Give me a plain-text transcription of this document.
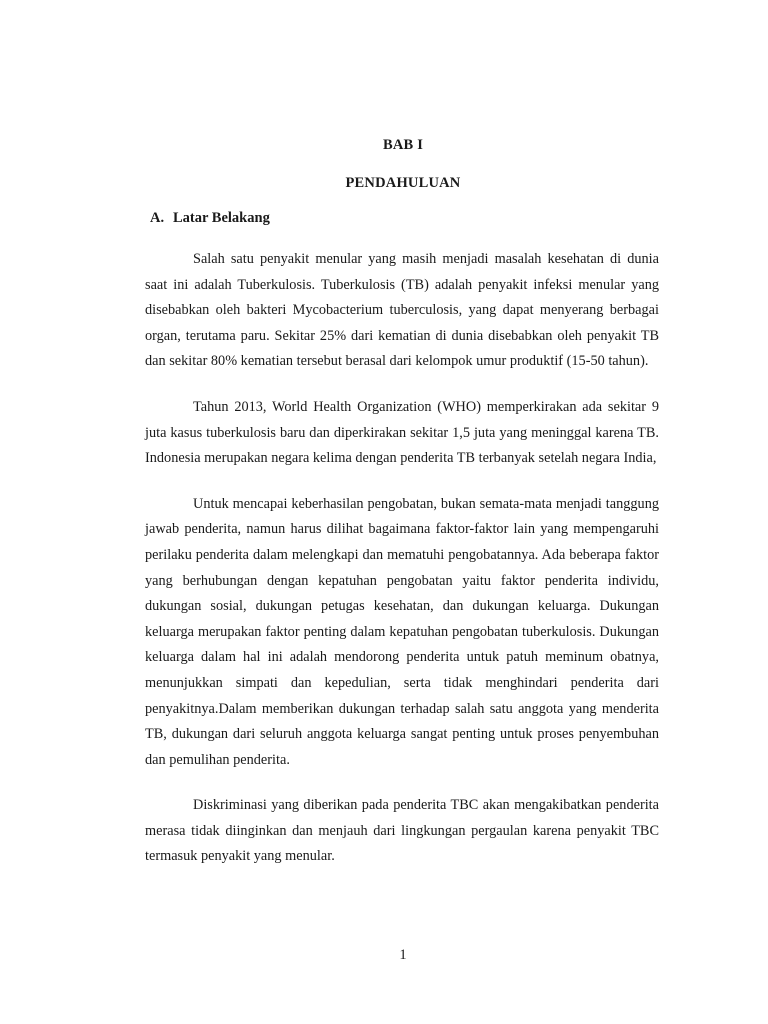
BAB I
PENDAHULUAN
A. Latar Belakang

Salah satu penyakit menular yang masih menjadi masalah kesehatan di dunia saat ini adalah Tuberkulosis. Tuberkulosis (TB) adalah penyakit infeksi menular yang disebabkan oleh bakteri Mycobacterium tuberculosis, yang dapat menyerang berbagai organ, terutama paru. Sekitar 25% dari kematian di dunia disebabkan oleh penyakit TB dan sekitar 80% kematian tersebut berasal dari kelompok umur produktif (15-50 tahun).

Tahun 2013, World Health Organization (WHO) memperkirakan ada sekitar 9 juta kasus tuberkulosis baru dan diperkirakan sekitar 1,5 juta yang meninggal karena TB. Indonesia merupakan negara kelima dengan penderita TB terbanyak setelah negara India,

Untuk mencapai keberhasilan pengobatan, bukan semata-mata menjadi tanggung jawab penderita, namun harus dilihat bagaimana faktor-faktor lain yang mempengaruhi perilaku penderita dalam melengkapi dan mematuhi pengobatannya. Ada beberapa faktor yang berhubungan dengan kepatuhan pengobatan yaitu faktor penderita individu, dukungan sosial, dukungan petugas kesehatan, dan dukungan keluarga. Dukungan keluarga merupakan faktor penting dalam kepatuhan pengobatan tuberkulosis. Dukungan keluarga dalam hal ini adalah mendorong penderita untuk patuh meminum obatnya, menunjukkan simpati dan kepedulian, serta tidak menghindari penderita dari penyakitnya.Dalam memberikan dukungan terhadap salah satu anggota yang menderita TB, dukungan dari seluruh anggota keluarga sangat penting untuk proses penyembuhan dan pemulihan penderita.

Diskriminasi yang diberikan pada penderita TBC akan mengakibatkan penderita merasa tidak diinginkan dan menjauh dari lingkungan pergaulan karena penyakit TBC termasuk penyakit yang menular.

1
